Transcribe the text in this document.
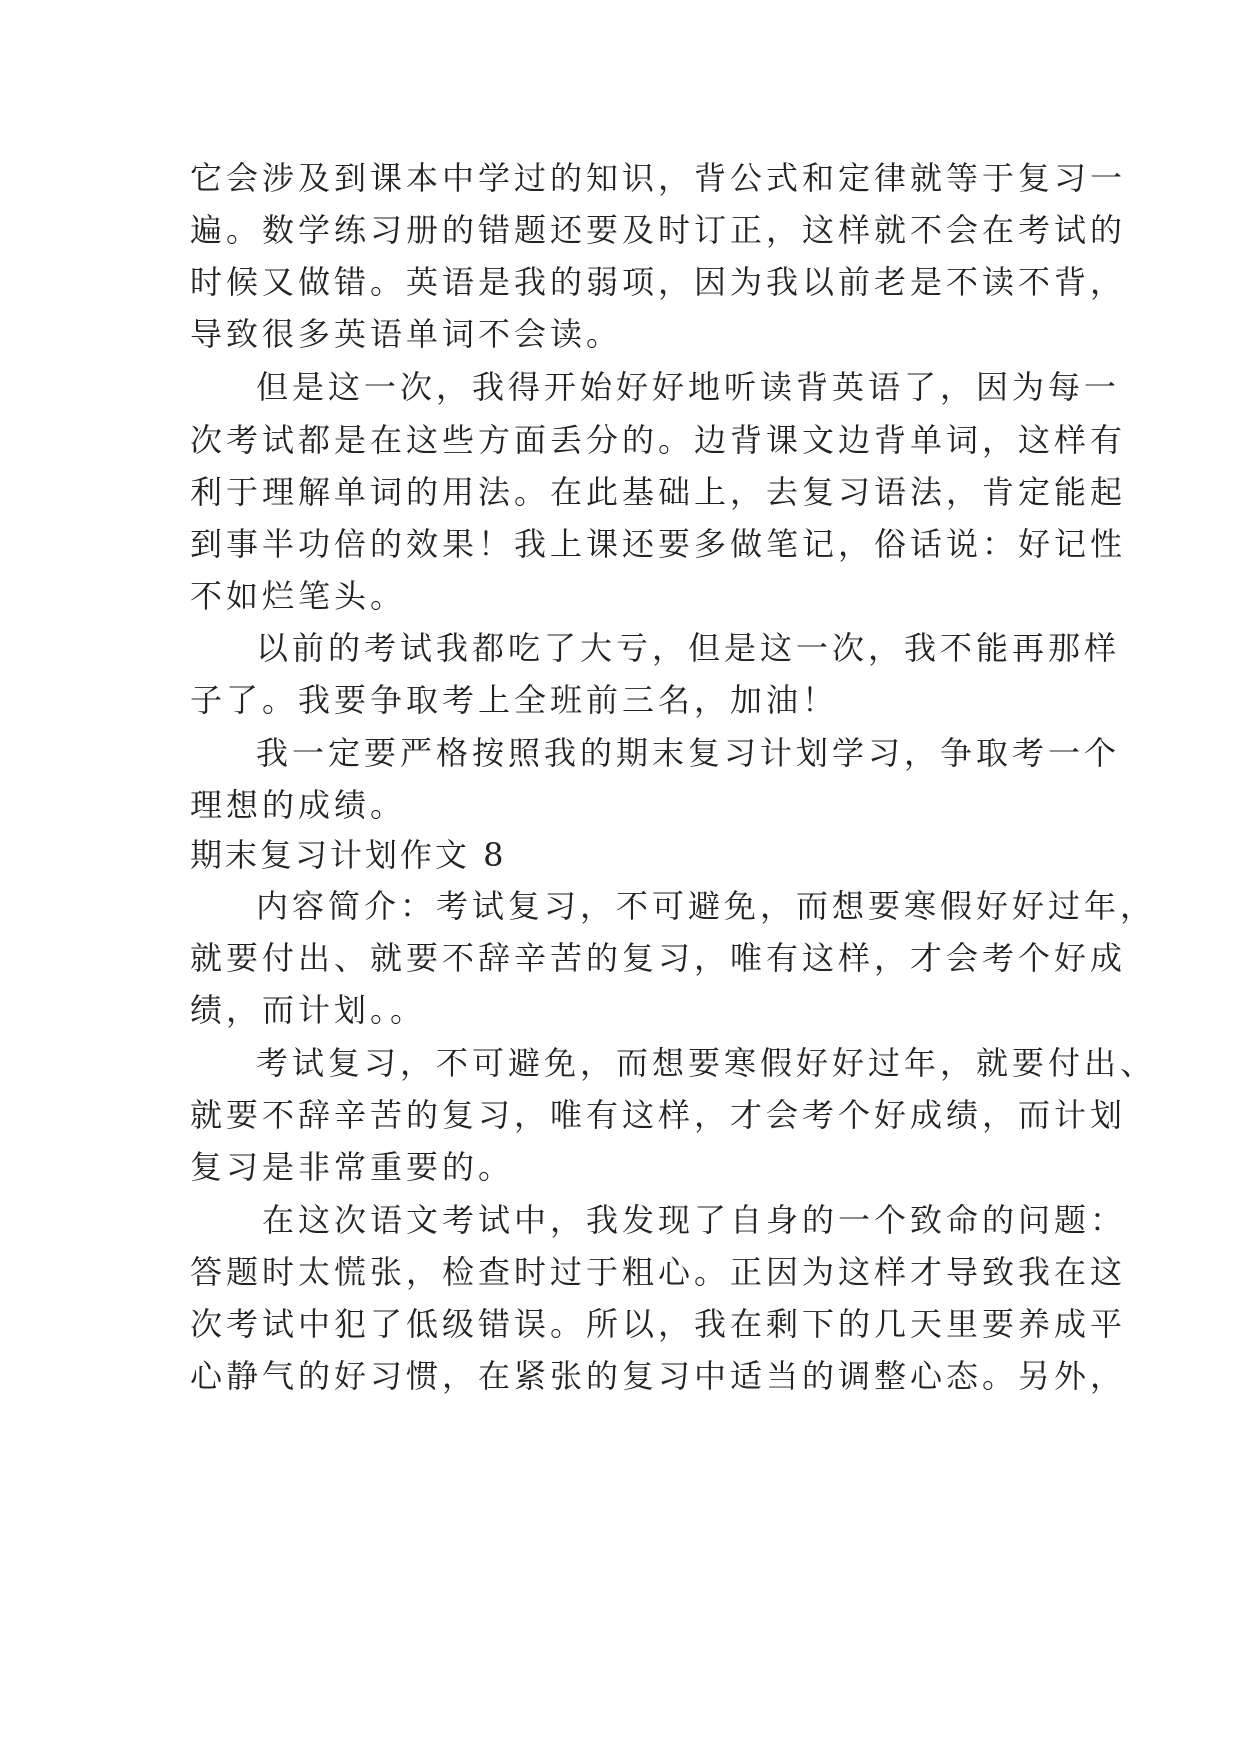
它会涉及到课本中学过的知识，背公式和定律就等于复习一
遍。数学练习册的错题还要及时订正，这样就不会在考试的
时候又做错。英语是我的弱项，因为我以前老是不读不背，
导致很多英语单词不会读。
但是这一次，我得开始好好地听读背英语了，因为每一
次考试都是在这些方面丢分的。边背课文边背单词，这样有
利于理解单词的用法。在此基础上，去复习语法，肯定能起
到事半功倍的效果！我上课还要多做笔记，俗话说：好记性
不如烂笔头。
以前的考试我都吃了大亏，但是这一次，我不能再那样
子了。我要争取考上全班前三名，加油！
我一定要严格按照我的期末复习计划学习，争取考一个
理想的成绩。
期末复习计划作文 8
内容简介：考试复习，不可避免，而想要寒假好好过年，
就要付出、就要不辞辛苦的复习，唯有这样，才会考个好成
绩，而计划。。
考试复习，不可避免，而想要寒假好好过年，就要付出、
就要不辞辛苦的复习，唯有这样，才会考个好成绩，而计划
复习是非常重要的。
在这次语文考试中，我发现了自身的一个致命的问题：
答题时太慌张，检查时过于粗心。正因为这样才导致我在这
次考试中犯了低级错误。所以，我在剩下的几天里要养成平
心静气的好习惯，在紧张的复习中适当的调整心态。另外，
